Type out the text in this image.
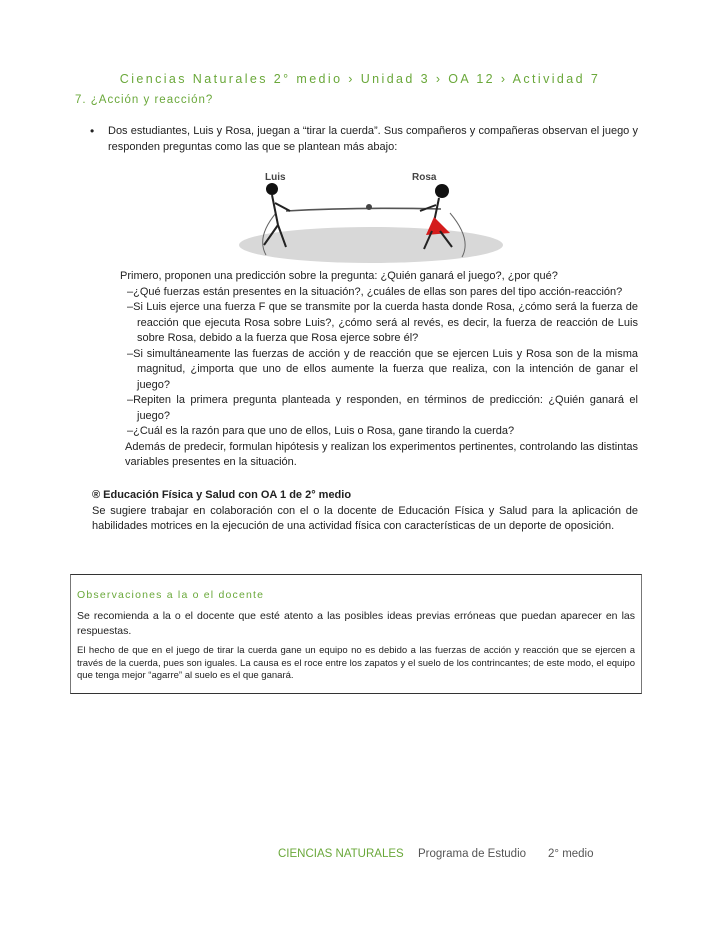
Ciencias Naturales 2° medio › Unidad 3 › OA 12 › Actividad 7
7. ¿Acción y reacción?
Luis	Rosa
•	Dos estudiantes, Luis y Rosa, juegan a “tirar la cuerda”. Sus compañeros y compañeras observan el juego y responden preguntas como las que se plantean más abajo:
Primero, proponen una predicción sobre la pregunta: ¿Quién ganará el juego?, ¿por qué?
–¿Qué fuerzas están presentes en la situación?, ¿cuáles de ellas son pares del tipo acción-reacción?
–Si Luis ejerce una fuerza F que se transmite por la cuerda hasta donde Rosa, ¿cómo será la fuerza de reacción que ejecuta Rosa sobre Luis?, ¿cómo será al revés, es decir, la fuerza de reacción de Luis sobre Rosa, debido a la fuerza que Rosa ejerce sobre él?
–Si simultáneamente las fuerzas de acción y de reacción que se ejercen Luis y Rosa son de la misma magnitud, ¿importa que uno de ellos aumente la fuerza que realiza, con la intención de ganar el juego?
–Repiten la primera pregunta planteada y responden, en términos de predicción: ¿Quién ganará el juego?
–¿Cuál es la razón para que uno de ellos, Luis o Rosa, gane tirando la cuerda?
Además de predecir, formulan hipótesis y realizan los experimentos pertinentes, controlando las distintas variables presentes en la situación.
® Educación Física y Salud con OA 1 de 2° medio
Se sugiere trabajar en colaboración con el o la docente de Educación Física y Salud para la aplicación de habilidades motrices en la ejecución de una actividad física con características de un deporte de oposición.
Observaciones a la o el docente
Se recomienda a la o el docente que esté atento a las posibles ideas previas erróneas que puedan aparecer en las respuestas.
El hecho de que en el juego de tirar la cuerda gane un equipo no es debido a las fuerzas de acción y reacción que se ejercen a través de la cuerda, pues son iguales. La causa es el roce entre los zapatos y el suelo de los contrincantes; de este modo, el equipo que tenga mejor “agarre” al suelo es el que ganará.
CIENCIAS NATURALES Programa de Estudio 2° medio
